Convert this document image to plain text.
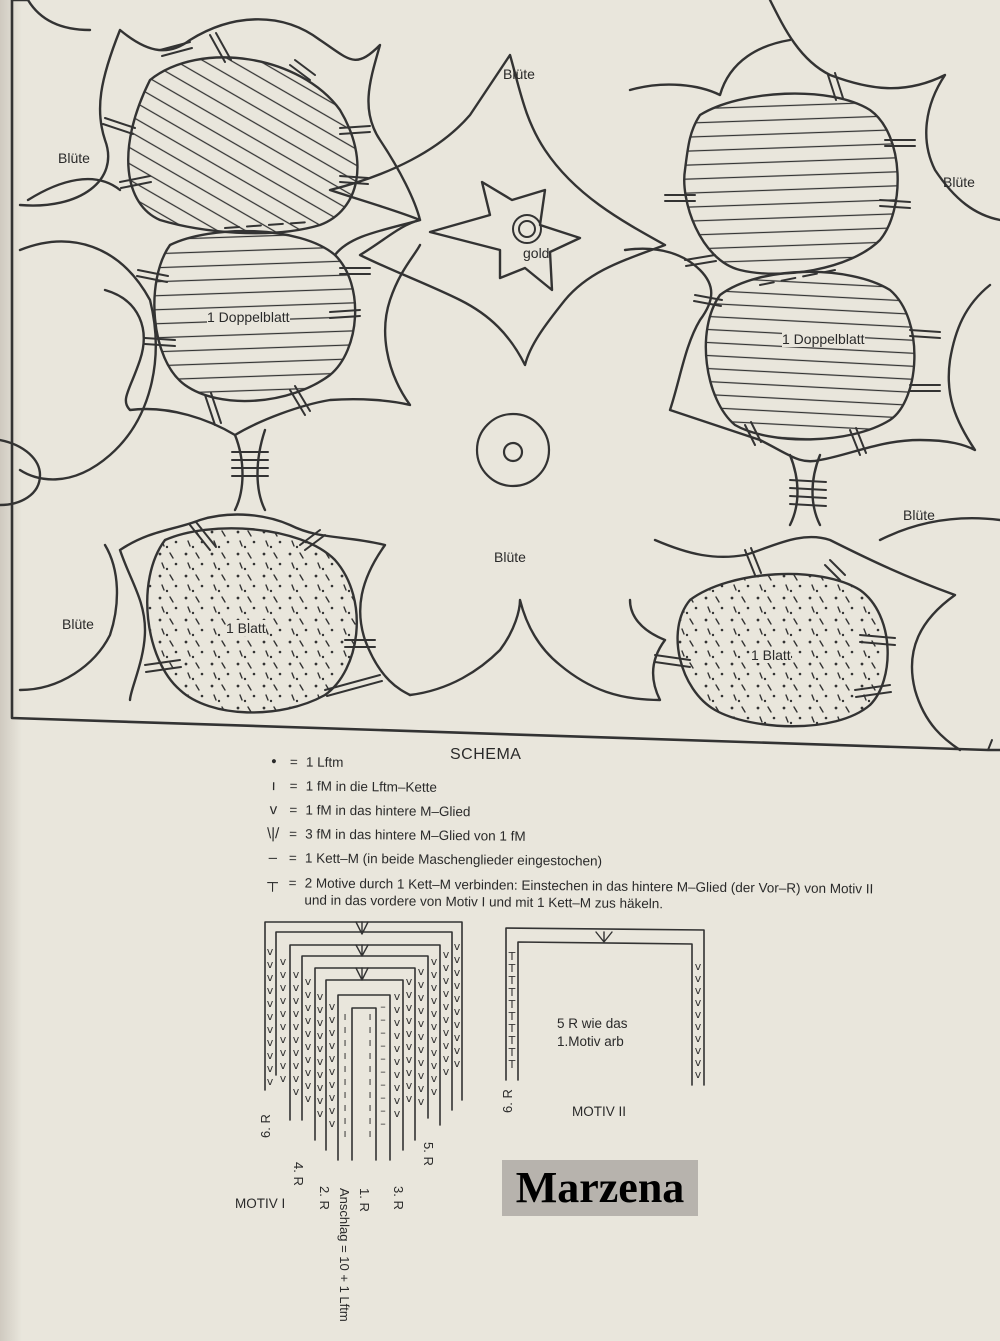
v
v
v
v
v
v
v
v
v
v
v
v
v
v
v
v
v
v
v
v
v
v
v
v
v
v
v
v
v
v
v
v
v
v
v
v
v
v
v
v
v
v
v
v
v
v
v
v
v
v
v
v
v
v
v
v
v
v
v
v
v
ı
ı
ı
ı
ı
ı
ı
ı
ı
ı
ı
ı
ı
ı
ı
ı
ı
ı
ı
ı
–
–
–
–
–
–
–
–
–
–
v
v
v
v
v
v
v
v
v
v
v
v
v
v
v
v
v
v
v
v
v
v
v
v
v
v
v
v
v
v
v
v
v
v
v
v
v
v
v
v
v
v
v
v
v
v
v
v
v
v
v
v
v
v
v
v
v
v
v
v
v
v
T
T
T
T
T
T
T
T
T
T
v
v
v
v
v
v
v
v
v
v
Blüte
Blüte
Blüte
Blüte
Blüte
Blüte
gold
1 Doppelblatt
1 Doppelblatt
1 Blatt
1 Blatt
SCHEMA
• = 1 Lftm
ı	= 1 fM in die Lftm–Kette
v = 1 fM in das hintere M–Glied
\|/ = 3 fM in das hintere M–Glied von 1 fM
– = 1 Kett–M (in beide Maschenglieder eingestochen)
┬ = 2 Motive durch 1 Kett–M verbinden: Einstechen in das hintere M–Glied (der Vor–R) von Motiv II und in das vordere von Motiv I und mit 1 Kett–M zus häkeln.
6. R
4. R
2. R 1. R 3. R
5. R
Anschlag = 10 + 1 Lftm
MOTIV I
6. R
5 R wie das
1.Motiv arb
MOTIV II
Marzena
